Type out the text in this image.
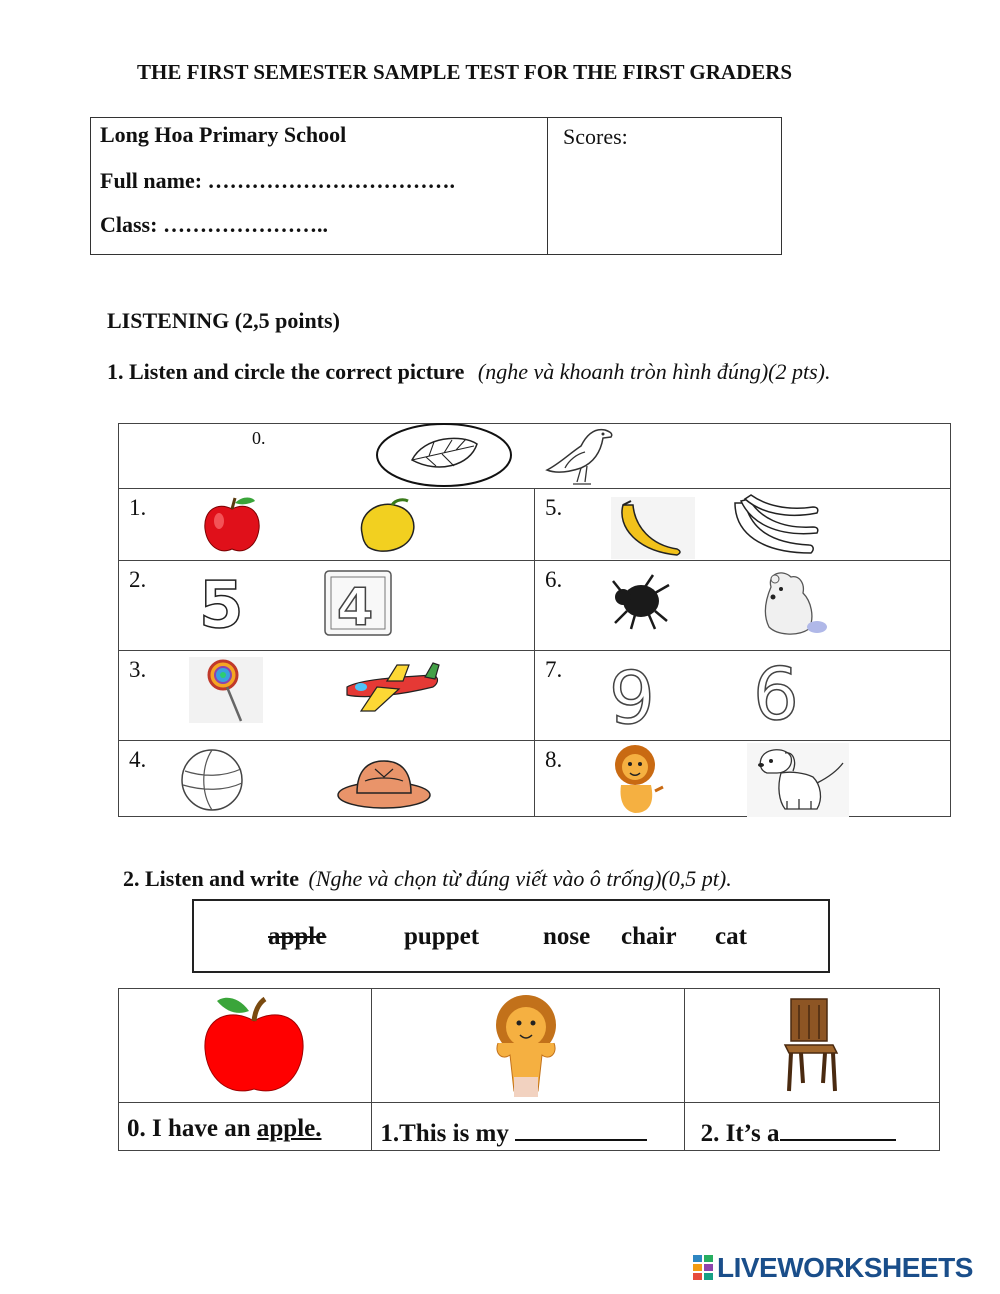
THE FIRST SEMESTER SAMPLE TEST FOR THE FIRST GRADERS
Long Hoa Primary School
Full name: …………………………….
Class: …………………..
Scores:
LISTENING (2,5 points)
1. Listen and circle the correct picture (nghe và khoanh tròn hình đúng)(2 pts).
0.	

1.	5.

2. 5 4	6.

3.	7. 9 6

4.	8.
2. Listen and write (Nghe và chọn từ đúng viết vào ô trống)(0,5 pt).
apple	puppet	nose chair cat

0. I have an apple.	1.This is my	2. It’s a
LIVEWORKSHEETS
